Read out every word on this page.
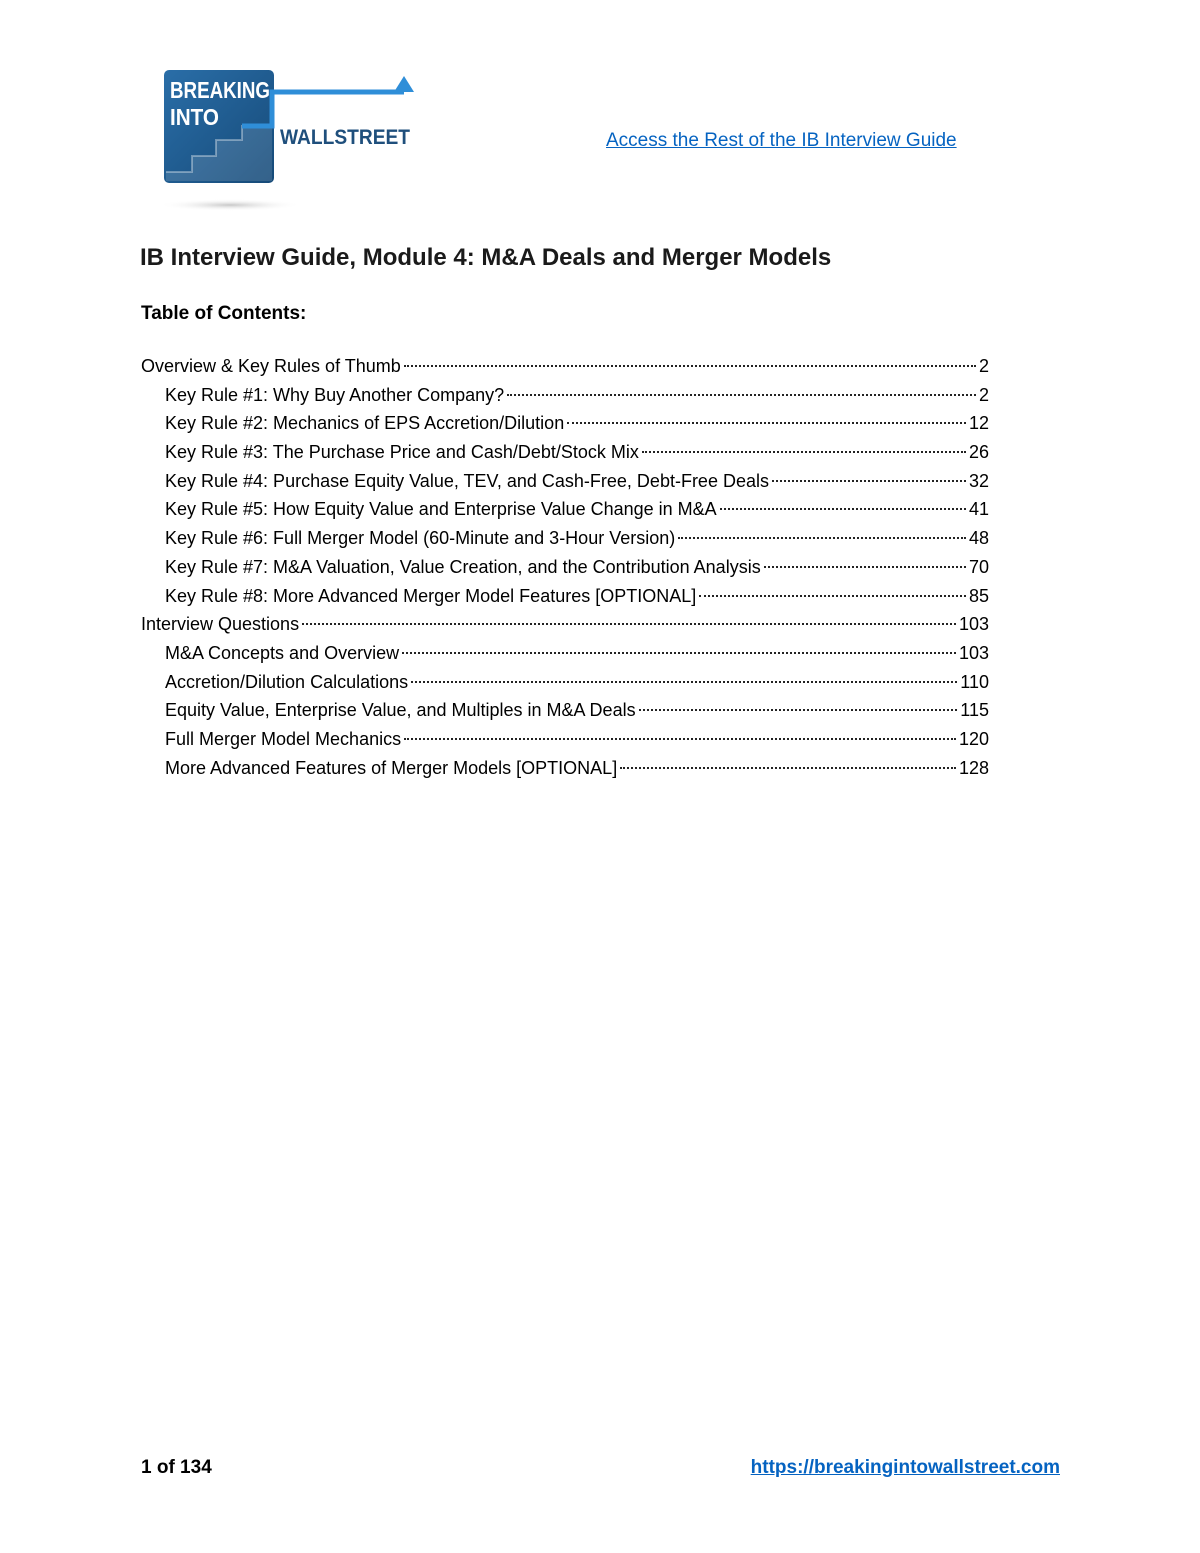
BREAKING
INTO
WALLSTREET	Access the Rest of the IB Interview Guide
IB Interview Guide, Module 4: M&A Deals and Merger Models
Table of Contents:
Overview & Key Rules of Thumb	2
Key Rule #1: Why Buy Another Company?	2
Key Rule #2: Mechanics of EPS Accretion/Dilution	12
Key Rule #3: The Purchase Price and Cash/Debt/Stock Mix	26
Key Rule #4: Purchase Equity Value, TEV, and Cash-Free, Debt-Free Deals	32
Key Rule #5: How Equity Value and Enterprise Value Change in M&A	41
Key Rule #6: Full Merger Model (60-Minute and 3-Hour Version)	48
Key Rule #7: M&A Valuation, Value Creation, and the Contribution Analysis	70
Key Rule #8: More Advanced Merger Model Features [OPTIONAL]	85
Interview Questions	103
M&A Concepts and Overview	103
Accretion/Dilution Calculations	110
Equity Value, Enterprise Value, and Multiples in M&A Deals	115
Full Merger Model Mechanics	120
More Advanced Features of Merger Models [OPTIONAL]	128
1 of 134	https://breakingintowallstreet.com
